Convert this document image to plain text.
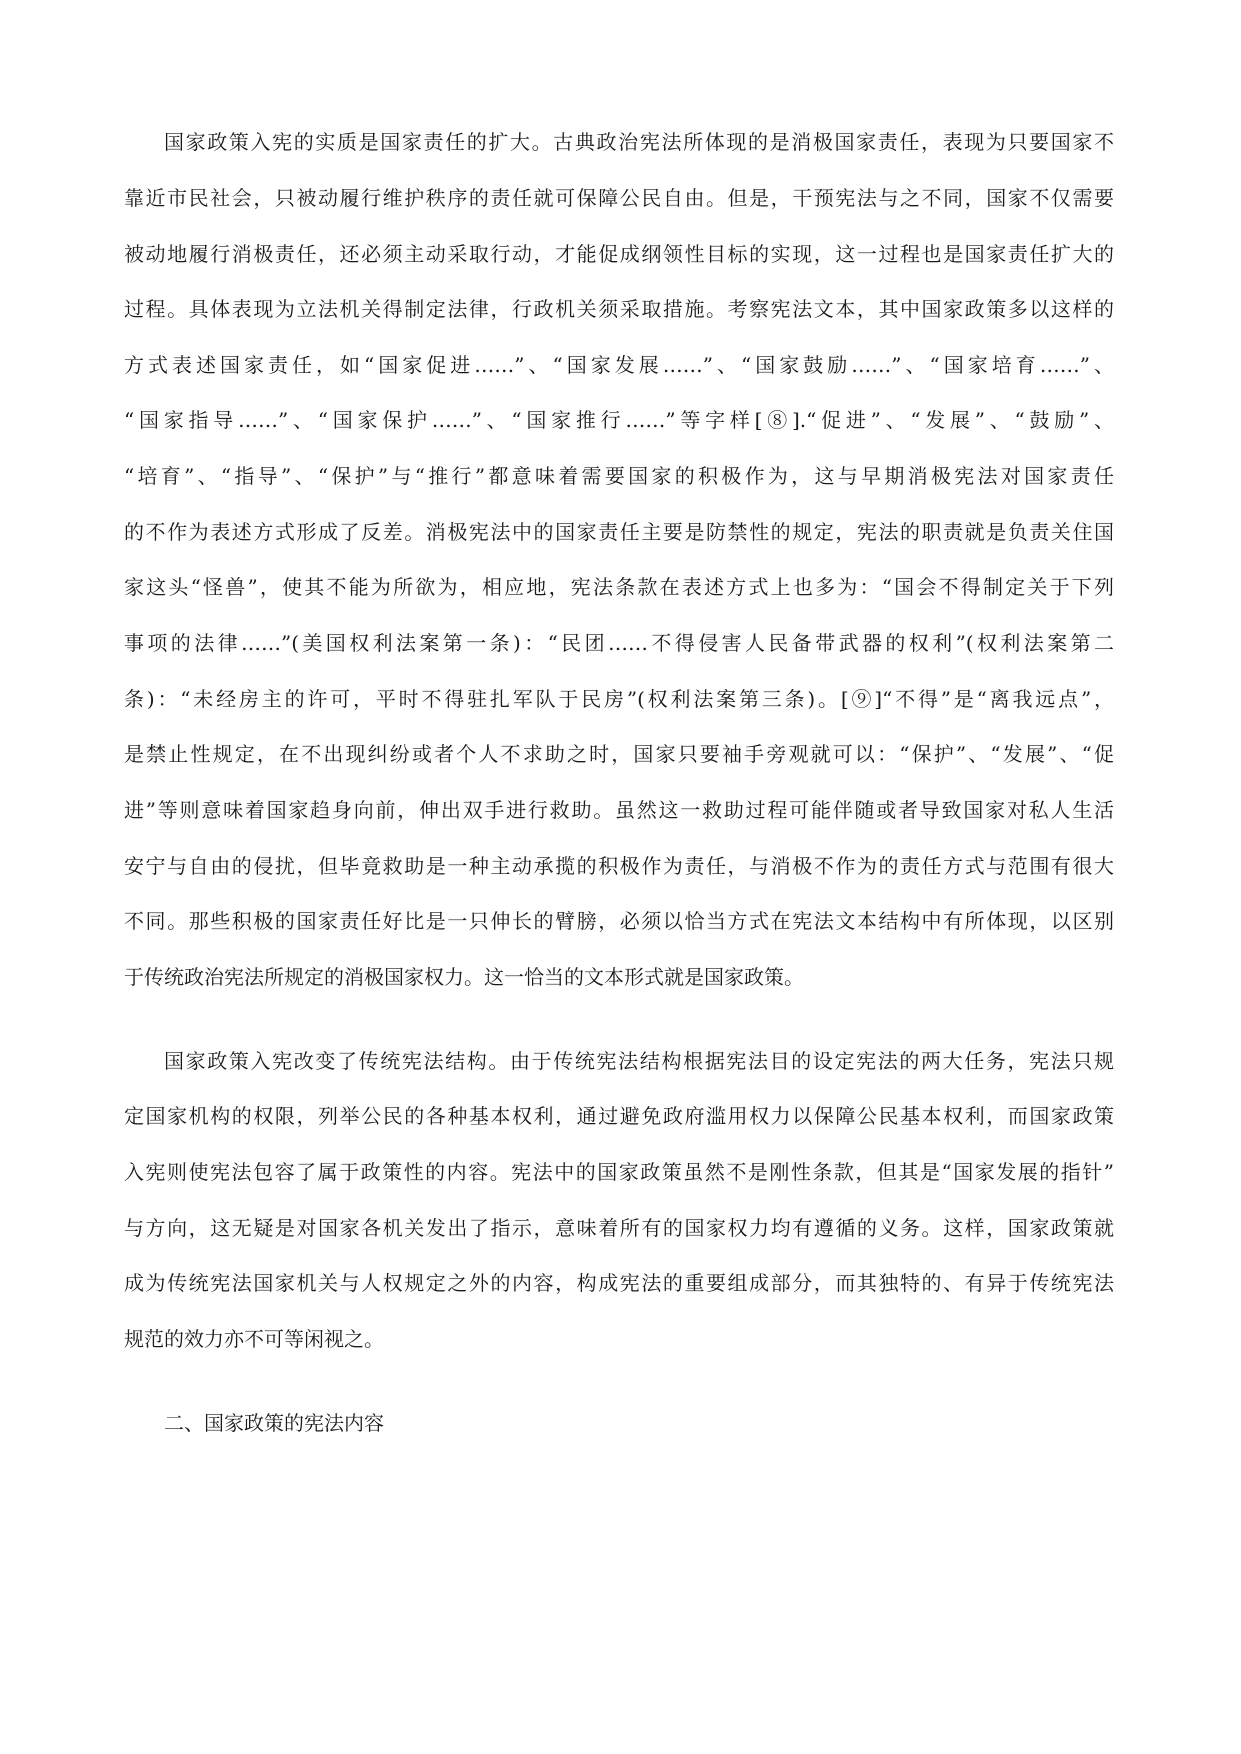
国家政策入宪的实质是国家责任的扩大。古典政治宪法所体现的是消极国家责任，表现为只要国家不

靠近市民社会，只被动履行维护秩序的责任就可保障公民自由。但是，干预宪法与之不同，国家不仅需要

被动地履行消极责任，还必须主动采取行动，才能促成纲领性目标的实现，这一过程也是国家责任扩大的

过程。具体表现为立法机关得制定法律，行政机关须采取措施。考察宪法文本，其中国家政策多以这样的

方式表述国家责任，如“国家促进……”、“国家发展……”、“国家鼓励……”、“国家培育……”、

“国家指导……”、“国家保护……”、“国家推行……”等字样[⑧].“促进”、“发展”、“鼓励”、

“培育”、“指导”、“保护”与“推行”都意味着需要国家的积极作为，这与早期消极宪法对国家责任

的不作为表述方式形成了反差。消极宪法中的国家责任主要是防禁性的规定，宪法的职责就是负责关住国

家这头“怪兽”，使其不能为所欲为，相应地，宪法条款在表述方式上也多为：“国会不得制定关于下列

事项的法律……”(美国权利法案第一条)：“民团……不得侵害人民备带武器的权利”(权利法案第二

条)：“未经房主的许可，平时不得驻扎军队于民房”(权利法案第三条)。[⑨]“不得”是“离我远点”，

是禁止性规定，在不出现纠纷或者个人不求助之时，国家只要袖手旁观就可以：“保护”、“发展”、“促

进”等则意味着国家趋身向前，伸出双手进行救助。虽然这一救助过程可能伴随或者导致国家对私人生活

安宁与自由的侵扰，但毕竟救助是一种主动承揽的积极作为责任，与消极不作为的责任方式与范围有很大

不同。那些积极的国家责任好比是一只伸长的臂膀，必须以恰当方式在宪法文本结构中有所体现，以区别

于传统政治宪法所规定的消极国家权力。这一恰当的文本形式就是国家政策。

国家政策入宪改变了传统宪法结构。由于传统宪法结构根据宪法目的设定宪法的两大任务，宪法只规

定国家机构的权限，列举公民的各种基本权利，通过避免政府滥用权力以保障公民基本权利，而国家政策

入宪则使宪法包容了属于政策性的内容。宪法中的国家政策虽然不是刚性条款，但其是“国家发展的指针”

与方向，这无疑是对国家各机关发出了指示，意味着所有的国家权力均有遵循的义务。这样，国家政策就

成为传统宪法国家机关与人权规定之外的内容，构成宪法的重要组成部分，而其独特的、有异于传统宪法

规范的效力亦不可等闲视之。

二、国家政策的宪法内容
